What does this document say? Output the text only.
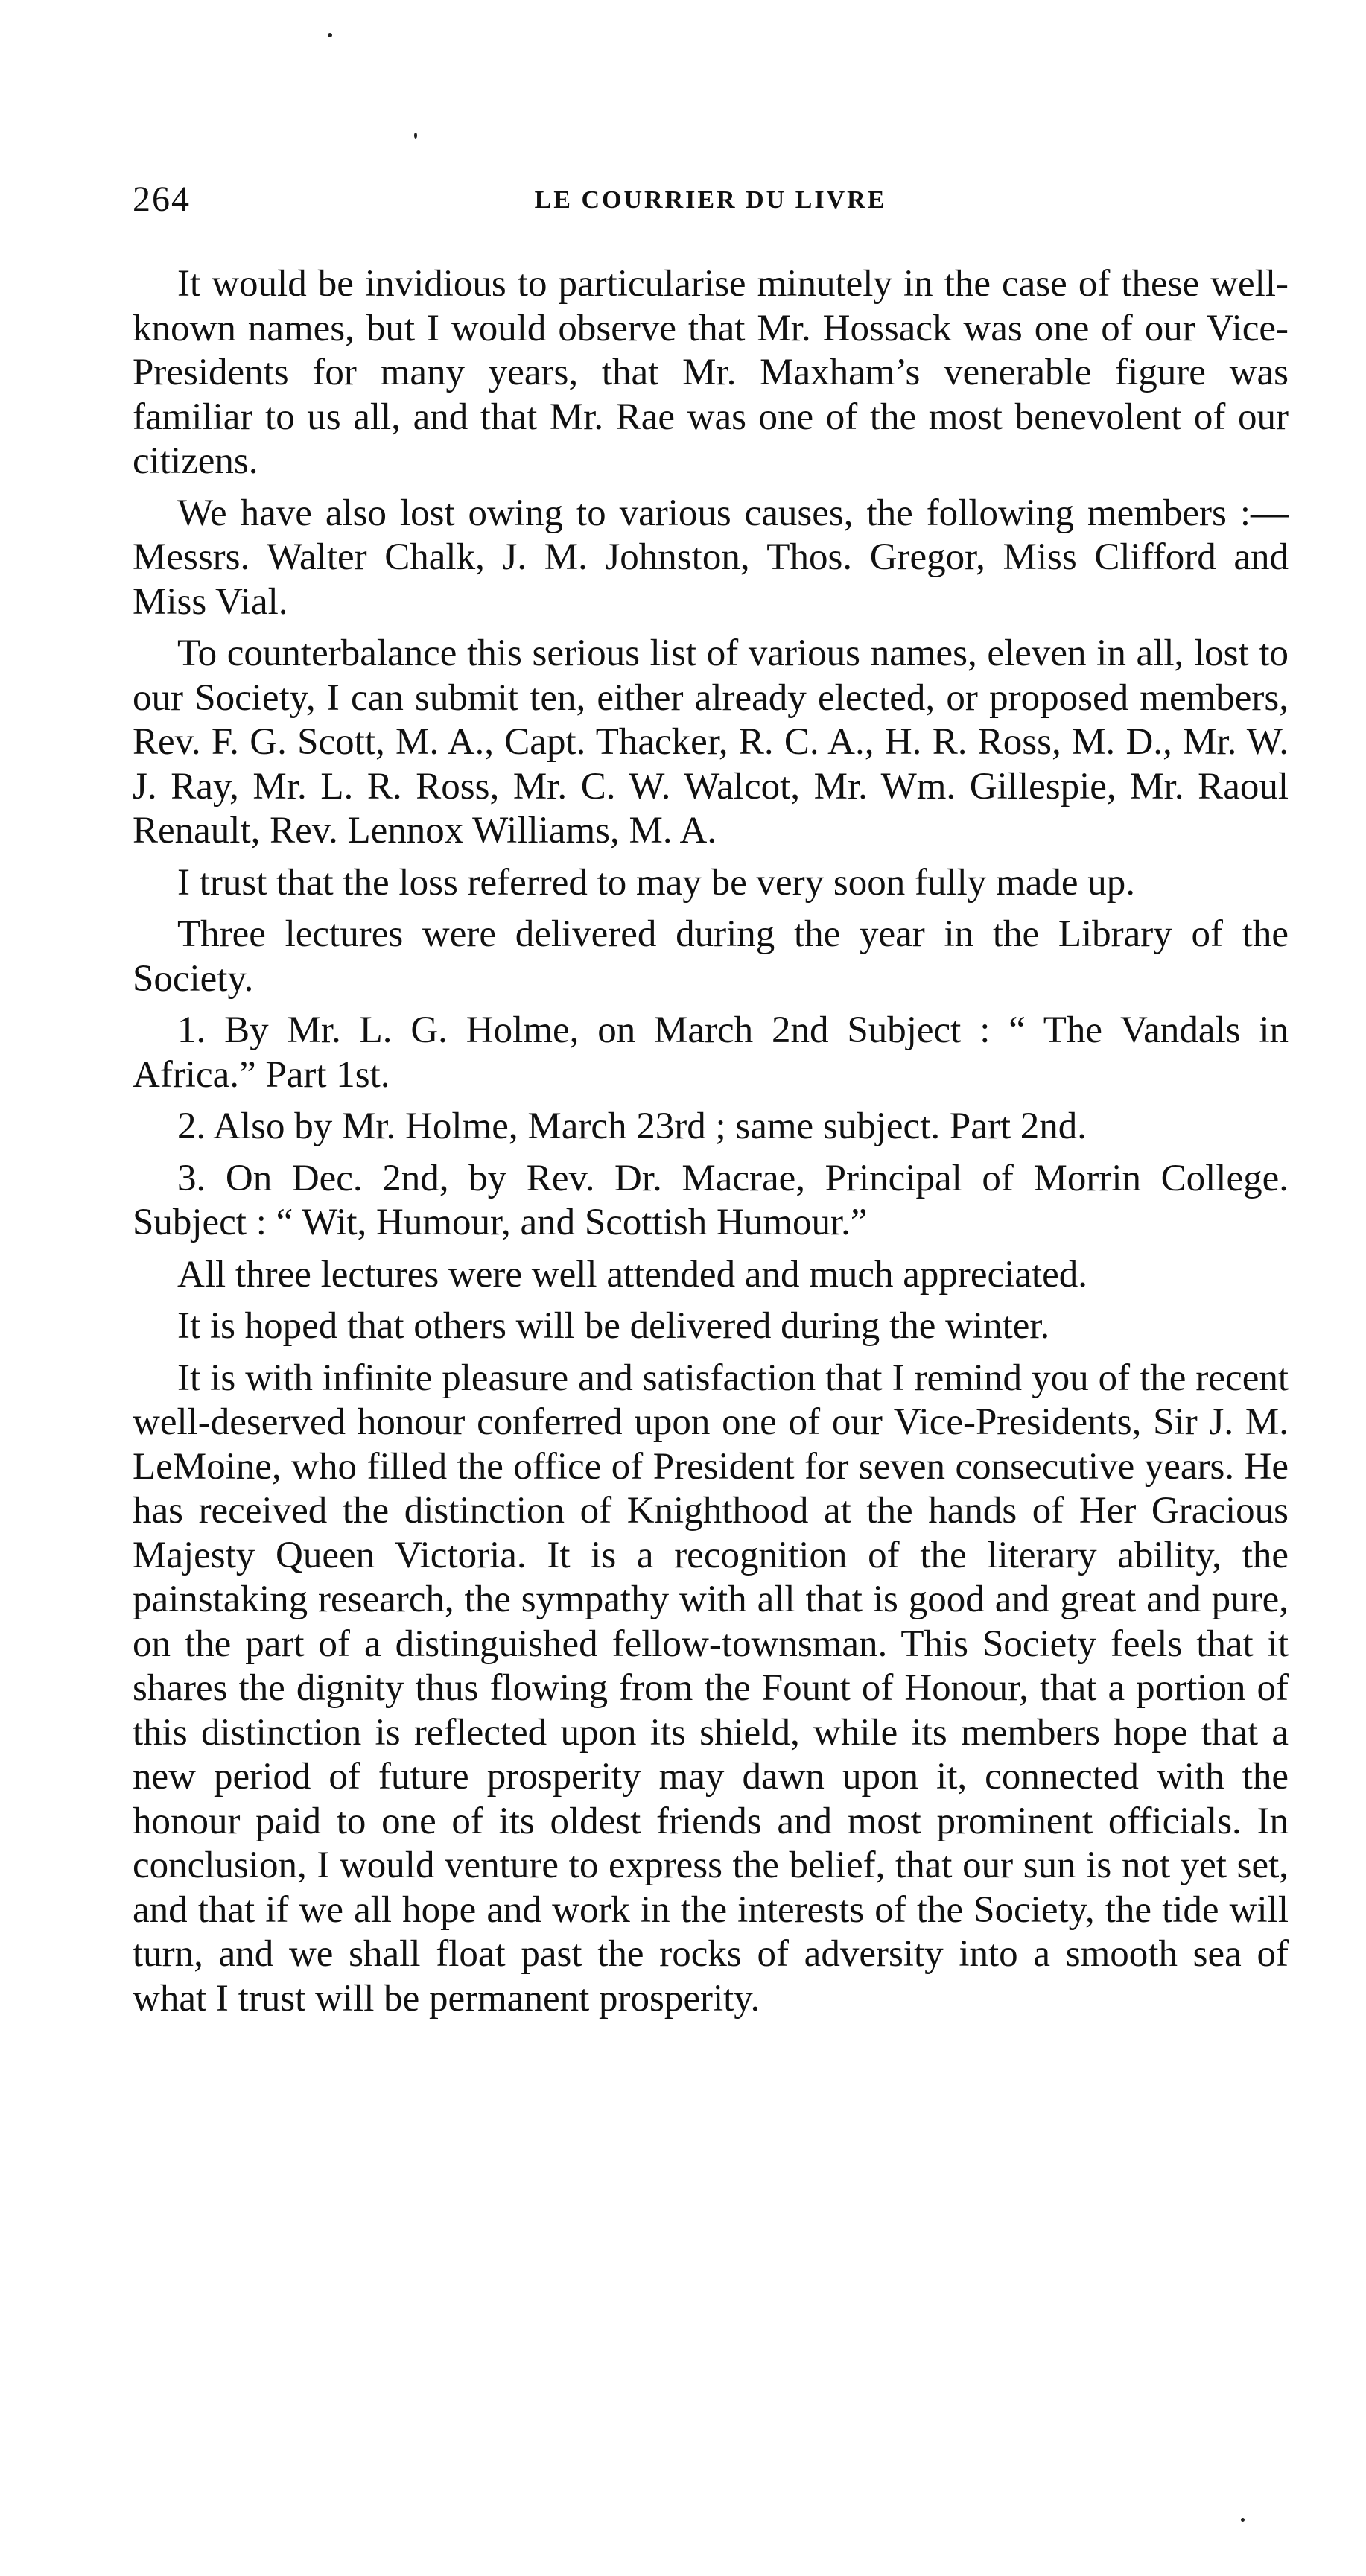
264	LE COURRIER DU LIVRE

It would be invidious to particularise minutely in the case of these well-known names, but I would observe that Mr. Hossack was one of our Vice-Presidents for many years, that Mr. Maxham’s venerable figure was familiar to us all, and that Mr. Rae was one of the most benevolent of our citizens.

We have also lost owing to various causes, the following members :—Messrs. Walter Chalk, J. M. Johnston, Thos. Gregor, Miss Clifford and Miss Vial.

To counterbalance this serious list of various names, eleven in all, lost to our Society, I can submit ten, either already elected, or proposed members, Rev. F. G. Scott, M. A., Capt. Thacker, R. C. A., H. R. Ross, M. D., Mr. W. J. Ray, Mr. L. R. Ross, Mr. C. W. Walcot, Mr. Wm. Gillespie, Mr. Raoul Renault, Rev. Lennox Williams, M. A.

I trust that the loss referred to may be very soon fully made up.

Three lectures were delivered during the year in the Library of the Society.

1. By Mr. L. G. Holme, on March 2nd Subject : “ The Vandals in Africa.” Part 1st.

2. Also by Mr. Holme, March 23rd ; same subject. Part 2nd.

3. On Dec. 2nd, by Rev. Dr. Macrae, Principal of Morrin College. Subject : “ Wit, Humour, and Scottish Humour.”

All three lectures were well attended and much appreciated.

It is hoped that others will be delivered during the winter.

It is with infinite pleasure and satisfaction that I remind you of the recent well-deserved honour conferred upon one of our Vice-Presidents, Sir J. M. LeMoine, who filled the office of President for seven consecutive years. He has received the distinction of Knighthood at the hands of Her Gracious Majesty Queen Victoria. It is a recognition of the literary ability, the painstaking research, the sympathy with all that is good and great and pure, on the part of a distinguished fellow-townsman. This Society feels that it shares the dignity thus flowing from the Fount of Honour, that a portion of this distinction is reflected upon its shield, while its members hope that a new period of future prosperity may dawn upon it, connected with the honour paid to one of its oldest friends and most prominent officials. In conclusion, I would venture to express the belief, that our sun is not yet set, and that if we all hope and work in the interests of the Society, the tide will turn, and we shall float past the rocks of adversity into a smooth sea of what I trust will be permanent prosperity.
